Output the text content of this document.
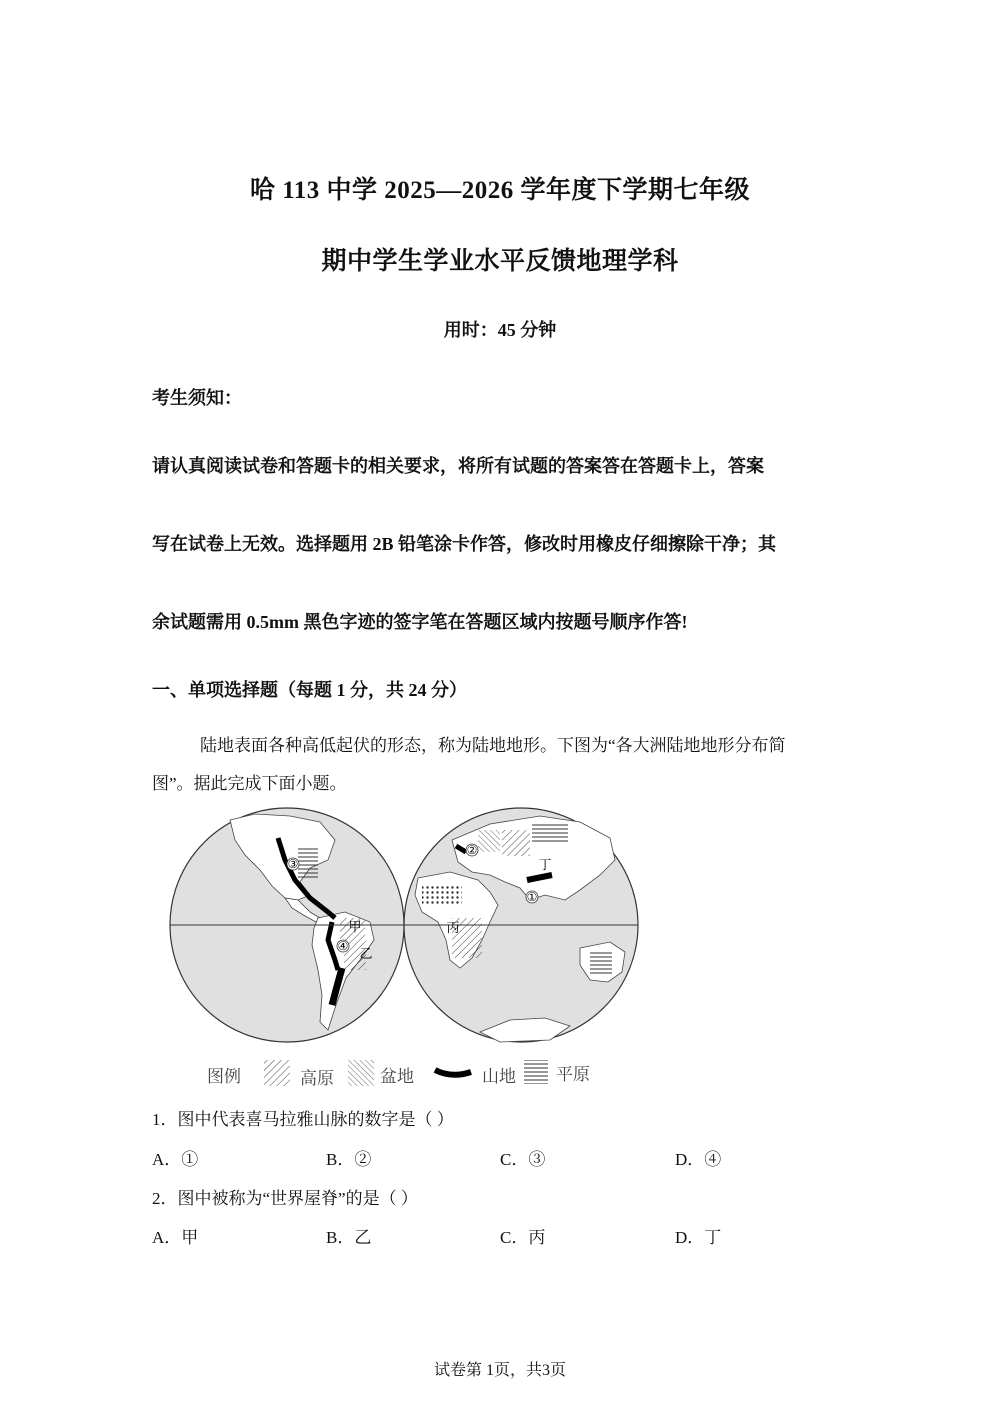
哈 113 中学 2025—2026 学年度下学期七年级
期中学生学业水平反馈地理学科
用时：45 分钟
考生须知：
请认真阅读试卷和答题卡的相关要求，将所有试题的答案答在答题卡上，答案
写在试卷上无效。选择题用 2B 铅笔涂卡作答，修改时用橡皮仔细擦除干净；其
余试题需用 0.5mm 黑色字迹的签字笔在答题区域内按题号顺序作答!
一、单项选择题（每题 1 分，共 24 分）
陆地表面各种高低起伏的形态，称为陆地地形。下图为“各大洲陆地地形分布简
图”。据此完成下面小题。
③
甲
④ 乙
②
丁
①
丙
图例	高原	盆地	山地 平原
1．图中代表喜马拉雅山脉的数字是（ ）
A．①	B．②	C．③	D．④
2．图中被称为“世界屋脊”的是（ ）
A．甲	B．乙	C．丙	D．丁
试卷第 1页，共3页
